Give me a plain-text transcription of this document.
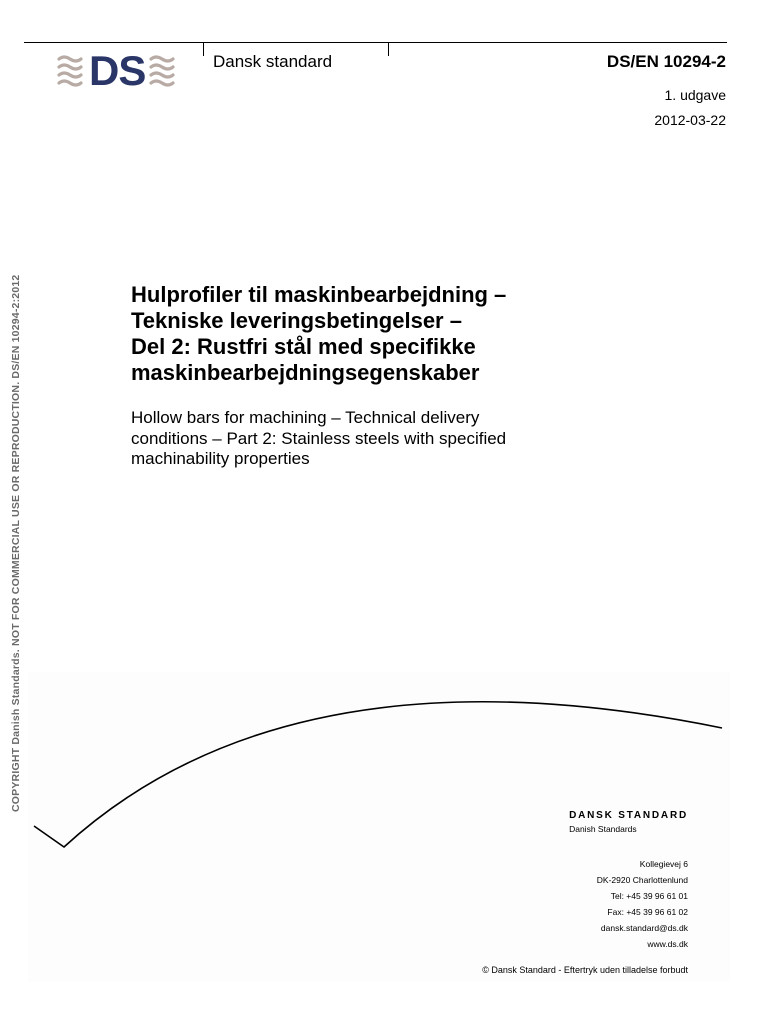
DS	Dansk standard	DS/EN 10294-2
1. udgave
2012-03-22
COPYRIGHT Danish Standards. NOT FOR COMMERCIAL USE OR REPRODUCTION. DS/EN 10294-2:2012	Hulprofiler til maskinbearbejdning –
Tekniske leveringsbetingelser –
Del 2: Rustfri stål med specifikke
maskinbearbejdningsegenskaber
Hollow bars for machining – Technical delivery
conditions – Part 2: Stainless steels with specified
machinability properties
DANSK STANDARD
Danish Standards
Kollegievej 6
DK-2920 Charlottenlund
Tel: +45 39 96 61 01
Fax: +45 39 96 61 02
dansk.standard@ds.dk
www.ds.dk
© Dansk Standard - Eftertryk uden tilladelse forbudt
